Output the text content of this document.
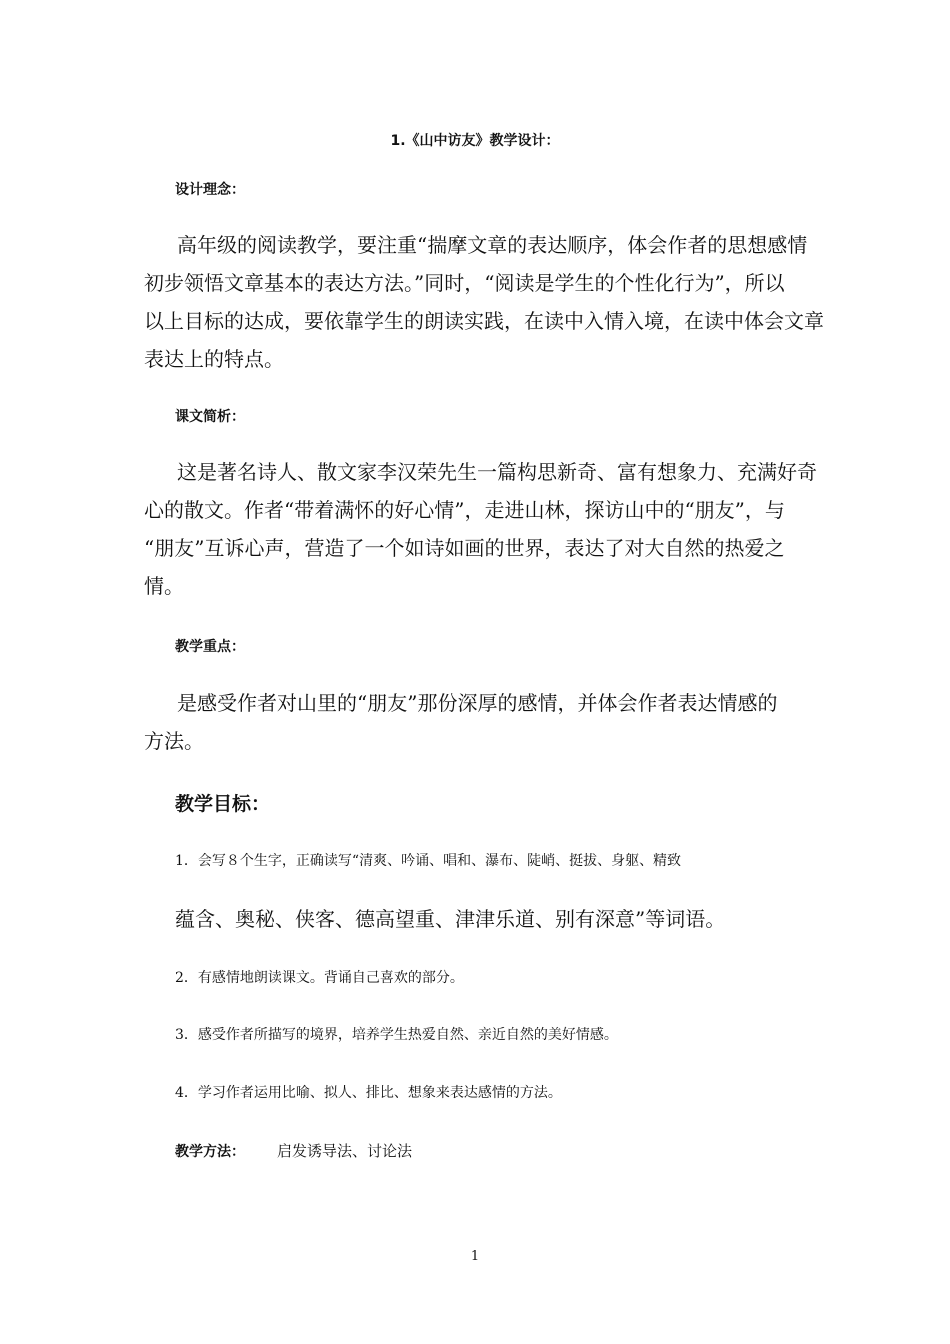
1.《山中访友》教学设计：
设计理念：
高年级的阅读教学，要注重“揣摩文章的表达顺序，体会作者的思想感情
初步领悟文章基本的表达方法。”同时，“阅读是学生的个性化行为”，所以
以上目标的达成，要依靠学生的朗读实践，在读中入情入境，在读中体会文章
表达上的特点。
课文简析：
这是著名诗人、散文家李汉荣先生一篇构思新奇、富有想象力、充满好奇
心的散文。作者“带着满怀的好心情”，走进山林，探访山中的“朋友”，与
“朋友”互诉心声，营造了一个如诗如画的世界，表达了对大自然的热爱之
情。
教学重点：
是感受作者对山里的“朋友”那份深厚的感情，并体会作者表达情感的
方法。
教学目标：
1．会写８个生字，正确读写“清爽、吟诵、唱和、瀑布、陡峭、挺拔、身躯、精致
蕴含、奥秘、侠客、德高望重、津津乐道、别有深意”等词语。
2．有感情地朗读课文。背诵自己喜欢的部分。
3．感受作者所描写的境界，培养学生热爱自然、亲近自然的美好情感。
4．学习作者运用比喻、拟人、排比、想象来表达感情的方法。
教学方法： 启发诱导法、讨论法
1
